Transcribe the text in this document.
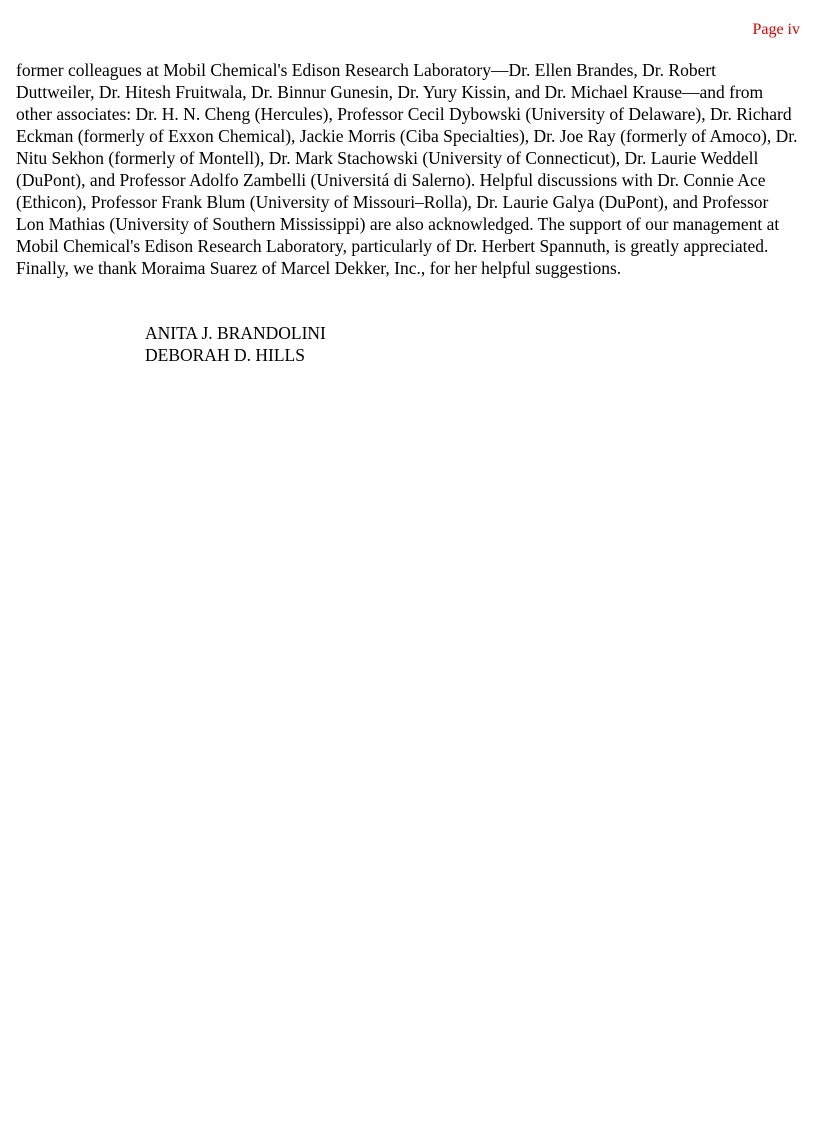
Page iv

former colleagues at Mobil Chemical's Edison Research Laboratory—Dr. Ellen Brandes, Dr. Robert Duttweiler, Dr. Hitesh Fruitwala, Dr. Binnur Gunesin, Dr. Yury Kissin, and Dr. Michael Krause—and from other associates: Dr. H. N. Cheng (Hercules), Professor Cecil Dybowski (University of Delaware), Dr. Richard Eckman (formerly of Exxon Chemical), Jackie Morris (Ciba Specialties), Dr. Joe Ray (formerly of Amoco), Dr. Nitu Sekhon (formerly of Montell), Dr. Mark Stachowski (University of Connecticut), Dr. Laurie Weddell (DuPont), and Professor Adolfo Zambelli (Universitá di Salerno). Helpful discussions with Dr. Connie Ace (Ethicon), Professor Frank Blum (University of Missouri–Rolla), Dr. Laurie Galya (DuPont), and Professor Lon Mathias (University of Southern Mississippi) are also acknowledged. The support of our management at Mobil Chemical's Edison Research Laboratory, particularly of Dr. Herbert Spannuth, is greatly appreciated. Finally, we thank Moraima Suarez of Marcel Dekker, Inc., for her helpful suggestions.

ANITA J. BRANDOLINI
DEBORAH D. HILLS
